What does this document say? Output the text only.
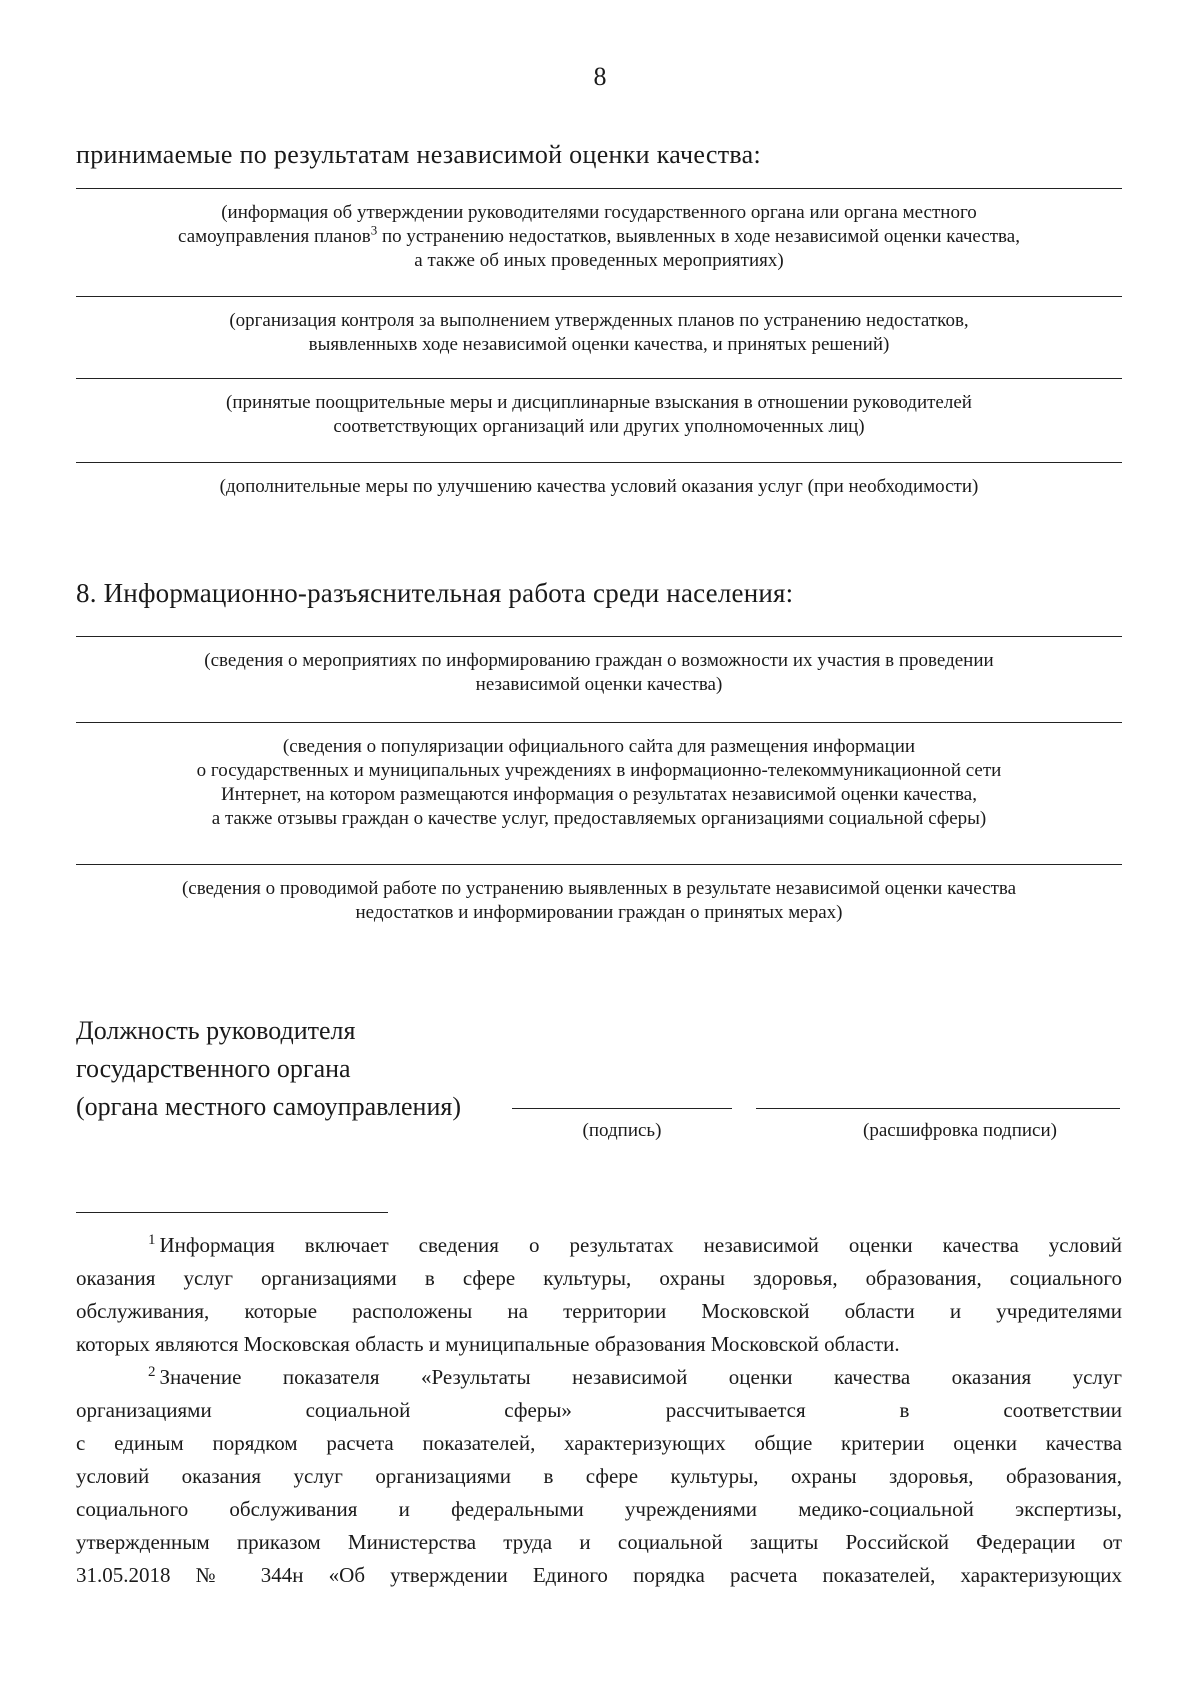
8
принимаемые по результатам независимой оценки качества:
(информация об утверждении руководителями государственного органа или органа местного
самоуправления планов$^3$ по устранению недостатков, выявленных в ходе независимой оценки качества,
а также об иных проведенных мероприятиях)
(организация контроля за выполнением утвержденных планов по устранению недостатков,
выявленныхв ходе независимой оценки качества, и принятых решений)
(принятые поощрительные меры и дисциплинарные взыскания в отношении руководителей
соответствующих организаций или других уполномоченных лиц)
(дополнительные меры по улучшению качества условий оказания услуг (при необходимости)
8. Информационно-разъяснительная работа среди населения:
(сведения о мероприятиях по информированию граждан о возможности их участия в проведении
независимой оценки качества)
(сведения о популяризации официального сайта для размещения информации
о государственных и муниципальных учреждениях в информационно-телекоммуникационной сети
Интернет, на котором размещаются информация о результатах независимой оценки качества,
а также отзывы граждан о качестве услуг, предоставляемых организациями социальной сферы)
(сведения о проводимой работе по устранению выявленных в результате независимой оценки качества
недостатков и информировании граждан о принятых мерах)
Должность руководителя
государственного органа
(органа местного самоуправления)
(подпись)	(расшифровка подписи)
$^1$ Информация включает сведения о результатах независимой оценки качества условий
оказания услуг организациями в сфере культуры, охраны здоровья, образования, социального
обслуживания, которые расположены на территории Московской области и учредителями
которых являются Московская область и муниципальные образования Московской области.
$^2$ Значение показателя «Результаты независимой оценки качества оказания услуг
организациями социальной сферы» рассчитывается в соответствии
с единым порядком расчета показателей, характеризующих общие критерии оценки качества
условий оказания услуг организациями в сфере культуры, охраны здоровья, образования,
социального обслуживания и федеральными учреждениями медико-социальной экспертизы,
утвержденным приказом Министерства труда и социальной защиты Российской Федерации от
31.05.2018 № 344н «Об утверждении Единого порядка расчета показателей, характеризующих
